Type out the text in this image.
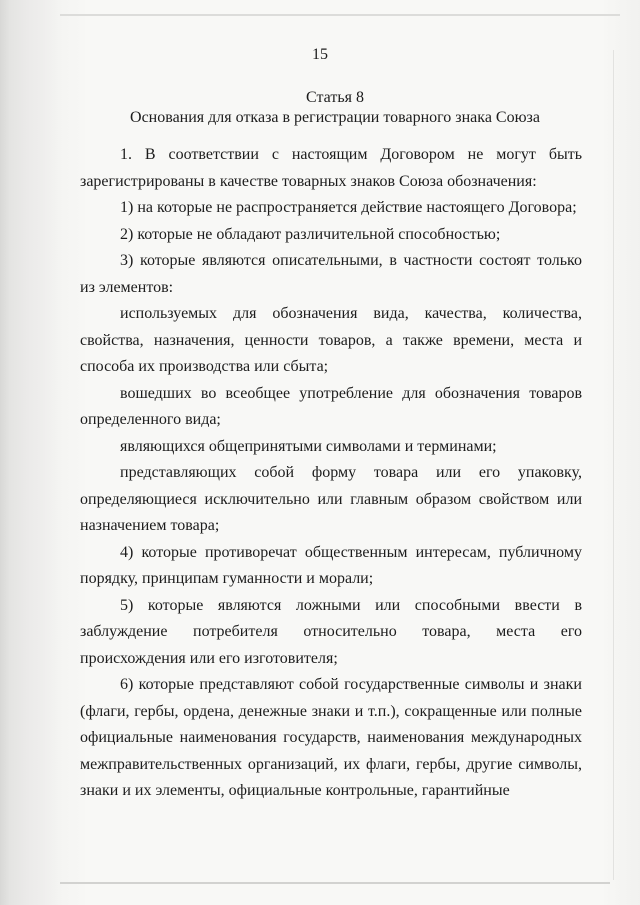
15
Статья 8
Основания для отказа в регистрации товарного знака Союза

1. В соответствии с настоящим Договором не могут быть зарегистрированы в качестве товарных знаков Союза обозначения:

1) на которые не распространяется действие настоящего Договора;

2) которые не обладают различительной способностью;

3) которые являются описательными, в частности состоят только из элементов:

используемых для обозначения вида, качества, количества, свойства, назначения, ценности товаров, а также времени, места и способа их производства или сбыта;

вошедших во всеобщее употребление для обозначения товаров определенного вида;

являющихся общепринятыми символами и терминами;

представляющих собой форму товара или его упаковку, определяющиеся исключительно или главным образом свойством или назначением товара;

4) которые противоречат общественным интересам, публичному порядку, принципам гуманности и морали;

5) которые являются ложными или способными ввести в заблуждение потребителя относительно товара, места его происхождения или его изготовителя;

6) которые представляют собой государственные символы и знаки (флаги, гербы, ордена, денежные знаки и т.п.), сокращенные или полные официальные наименования государств, наименования международных межправительственных организаций, их флаги, гербы, другие символы, знаки и их элементы, официальные контрольные, гарантийные
